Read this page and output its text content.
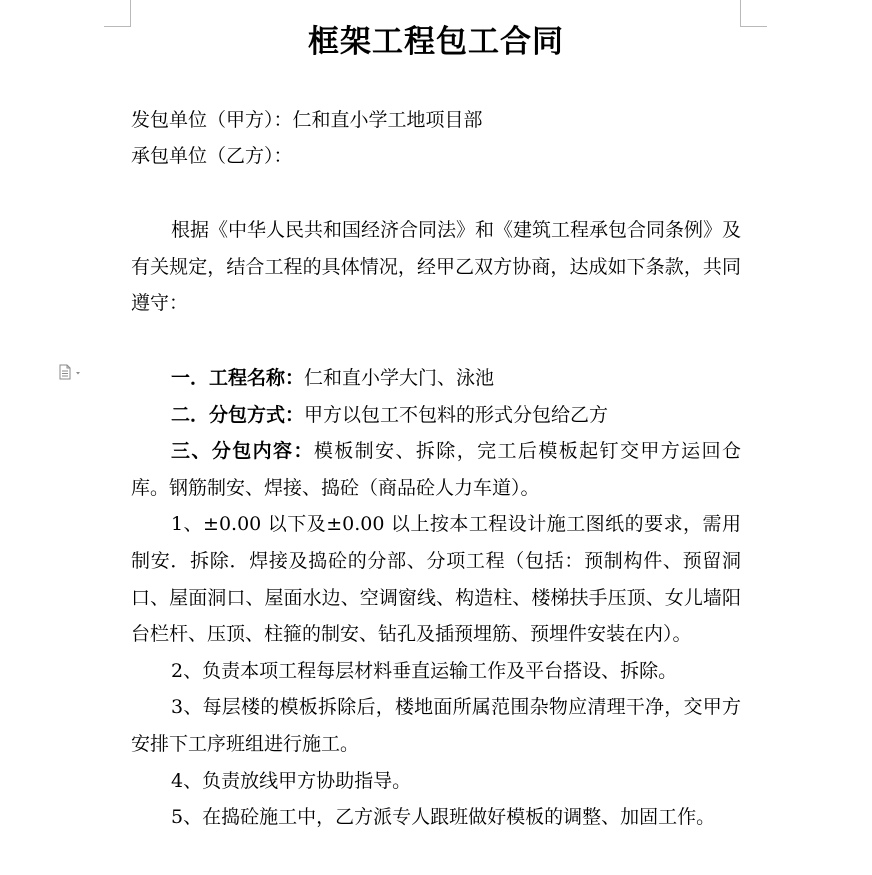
框架工程包工合同
发包单位（甲方）：仁和直小学工地项目部
承包单位（乙方）：
根据《中华人民共和国经济合同法》和《建筑工程承包合同条例》及有关规定，结合工程的具体情况，经甲乙双方协商，达成如下条款，共同遵守：
一．工程名称：仁和直小学大门、泳池
二．分包方式：甲方以包工不包料的形式分包给乙方
三、分包内容：模板制安、拆除，完工后模板起钉交甲方运回仓库。钢筋制安、焊接、捣砼（商品砼人力车道）。
1、±0.00 以下及±0.00 以上按本工程设计施工图纸的要求，需用制安．拆除．焊接及捣砼的分部、分项工程（包括：预制构件、预留洞口、屋面洞口、屋面水边、空调窗线、构造柱、楼梯扶手压顶、女儿墙阳台栏杆、压顶、柱箍的制安、钻孔及插预埋筋、预埋件安装在内）。
2、负责本项工程每层材料垂直运输工作及平台搭设、拆除。
3、每层楼的模板拆除后，楼地面所属范围杂物应清理干净，交甲方安排下工序班组进行施工。
4、负责放线甲方协助指导。
5、在捣砼施工中，乙方派专人跟班做好模板的调整、加固工作。
